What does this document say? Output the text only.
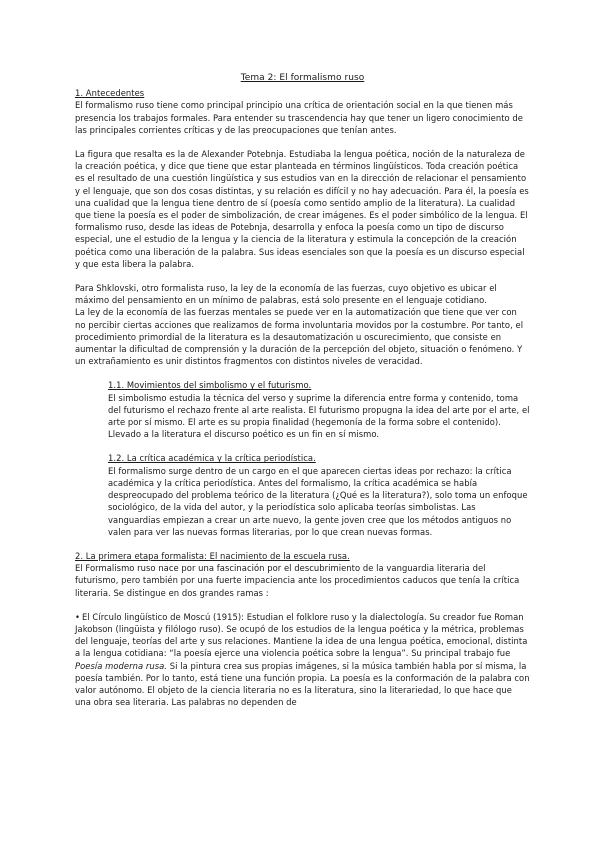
Tema 2: El formalismo ruso

1. Antecedentes

El formalismo ruso tiene como principal principio una crítica de orientación social en la que tienen más presencia los trabajos formales. Para entender su trascendencia hay que tener un ligero conocimiento de las principales corrientes críticas y de las preocupaciones que tenían antes.

La figura que resalta es la de Alexander Potebnja. Estudiaba la lengua poética, noción de la naturaleza de la creación poética, y dice que tiene que estar planteada en términos lingüísticos. Toda creación poética es el resultado de una cuestión lingüística y sus estudios van en la dirección de relacionar el pensamiento y el lenguaje, que son dos cosas distintas, y su relación es difícil y no hay adecuación. Para él, la poesía es una cualidad que la lengua tiene dentro de sí (poesía como sentido amplio de la literatura). La cualidad que tiene la poesía es el poder de simbolización, de crear imágenes. Es el poder simbólico de la lengua. El formalismo ruso, desde las ideas de Potebnja, desarrolla y enfoca la poesía como un tipo de discurso especial, une el estudio de la lengua y la ciencia de la literatura y estimula la concepción de la creación poética como una liberación de la palabra. Sus ideas esenciales son que la poesía es un discurso especial y que esta libera la palabra.

Para Shklovski, otro formalista ruso, la ley de la economía de las fuerzas, cuyo objetivo es ubicar el máximo del pensamiento en un mínimo de palabras, está solo presente en el lenguaje cotidiano.

La ley de la economía de las fuerzas mentales se puede ver en la automatización que tiene que ver con no percibir ciertas acciones que realizamos de forma involuntaria movidos por la costumbre. Por tanto, el procedimiento primordial de la literatura es la desautomatización u oscurecimiento, que consiste en aumentar la dificultad de comprensión y la duración de la percepción del objeto, situación o fenómeno. Y un extrañamiento es unir distintos fragmentos con distintos niveles de veracidad.

1.1. Movimientos del simbolismo y el futurismo.

El simbolismo estudia la técnica del verso y suprime la diferencia entre forma y contenido, toma del futurismo el rechazo frente al arte realista. El futurismo propugna la idea del arte por el arte, el arte por sí mismo. El arte es su propia finalidad (hegemonía de la forma sobre el contenido). Llevado a la literatura el discurso poético es un fin en sí mismo.

1.2. La crítica académica y la crítica periodística.

El formalismo surge dentro de un cargo en el que aparecen ciertas ideas por rechazo: la crítica académica y la crítica periodística. Antes del formalismo, la crítica académica se había despreocupado del problema teórico de la literatura (¿Qué es la literatura?), solo toma un enfoque sociológico, de la vida del autor, y la periodística solo aplicaba teorías simbolistas. Las vanguardias empiezan a crear un arte nuevo, la gente joven cree que los métodos antiguos no valen para ver las nuevas formas literarias, por lo que crean nuevas formas.

2. La primera etapa formalista: El nacimiento de la escuela rusa.

El Formalismo ruso nace por una fascinación por el descubrimiento de la vanguardia literaria del futurismo, pero también por una fuerte impaciencia ante los procedimientos caducos que tenía la crítica literaria. Se distingue en dos grandes ramas :

• El Círculo lingüístico de Moscú (1915): Estudian el folklore ruso y la dialectología. Su creador fue Roman Jakobson (lingüista y filólogo ruso). Se ocupó de los estudios de la lengua poética y la métrica, problemas del lenguaje, teorías del arte y sus relaciones. Mantiene la idea de una lengua poética, emocional, distinta a la lengua cotidiana: “la poesía ejerce una violencia poética sobre la lengua”. Su principal trabajo fue Poesía moderna rusa. Si la pintura crea sus propias imágenes, si la música también habla por sí misma, la poesía también. Por lo tanto, está tiene una función propia. La poesía es la conformación de la palabra con valor autónomo. El objeto de la ciencia literaria no es la literatura, sino la literariedad, lo que hace que una obra sea literaria. Las palabras no dependen de
